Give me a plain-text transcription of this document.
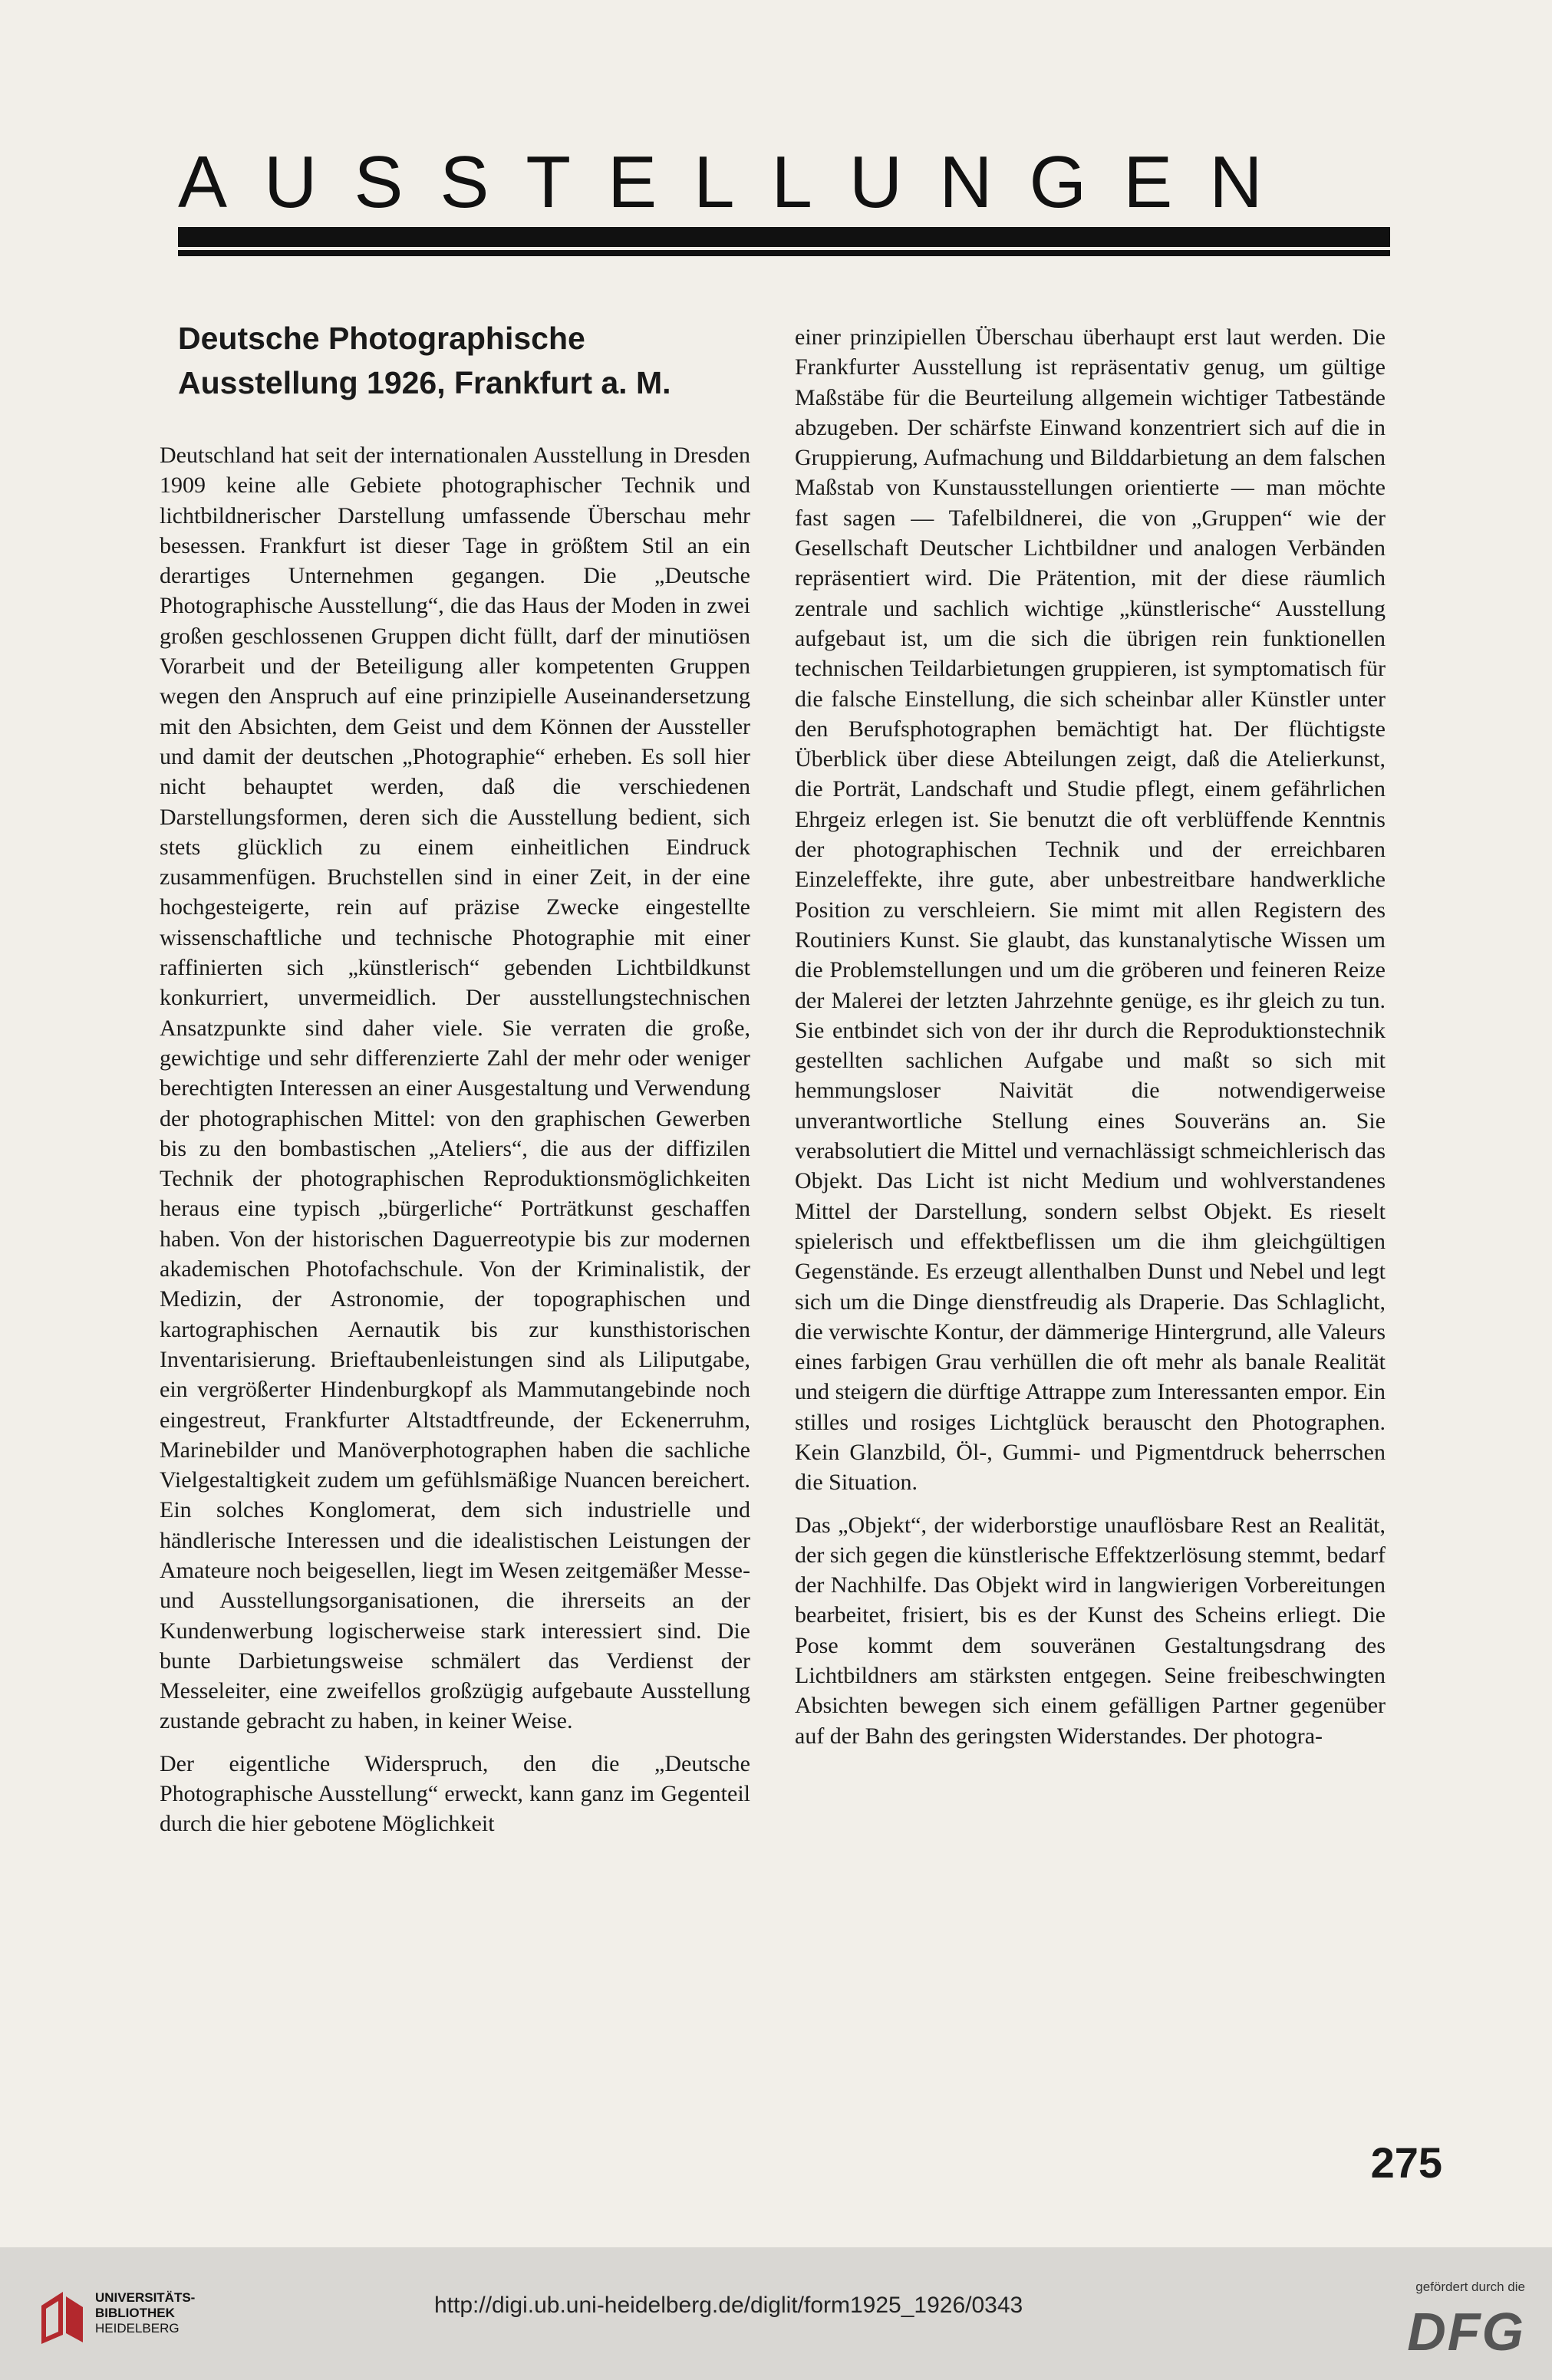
AUSSTELLUNGEN
Deutsche Photographische
Ausstellung 1926, Frankfurt a. M.

Deutschland hat seit der internationalen Ausstellung in Dresden 1909 keine alle Gebiete photographischer Technik und lichtbildnerischer Darstellung umfassende Überschau mehr besessen. Frankfurt ist dieser Tage in größtem Stil an ein derartiges Unternehmen gegangen. Die „Deutsche Photographische Ausstellung“, die das Haus der Moden in zwei großen geschlossenen Gruppen dicht füllt, darf der minutiösen Vorarbeit und der Beteiligung aller kompetenten Gruppen wegen den Anspruch auf eine prinzipielle Auseinandersetzung mit den Absichten, dem Geist und dem Können der Aussteller und damit der deutschen „Photographie“ erheben. Es soll hier nicht behauptet werden, daß die verschiedenen Darstellungsformen, deren sich die Ausstellung bedient, sich stets glücklich zu einem einheitlichen Eindruck zusammenfügen. Bruchstellen sind in einer Zeit, in der eine hochgesteigerte, rein auf präzise Zwecke eingestellte wissenschaftliche und technische Photographie mit einer raffinierten sich „künstlerisch“ gebenden Lichtbildkunst konkurriert, unvermeidlich. Der ausstellungstechnischen Ansatzpunkte sind daher viele. Sie verraten die große, gewichtige und sehr differenzierte Zahl der mehr oder weniger berechtigten Interessen an einer Ausgestaltung und Verwendung der photographischen Mittel: von den graphischen Gewerben bis zu den bombastischen „Ateliers“, die aus der diffizilen Technik der photographischen Reproduktionsmöglichkeiten heraus eine typisch „bürgerliche“ Porträtkunst geschaffen haben. Von der historischen Daguerreotypie bis zur modernen akademischen Photofachschule. Von der Kriminalistik, der Medizin, der Astronomie, der topographischen und kartographischen Aernautik bis zur kunsthistorischen Inventarisierung. Brieftaubenleistungen sind als Liliputgabe, ein vergrößerter Hindenburgkopf als Mammutangebinde noch eingestreut, Frankfurter Altstadtfreunde, der Eckenerruhm, Marinebilder und Manöverphotographen haben die sachliche Vielgestaltigkeit zudem um gefühlsmäßige Nuancen bereichert. Ein solches Konglomerat, dem sich industrielle und händlerische Interessen und die idealistischen Leistungen der Amateure noch beigesellen, liegt im Wesen zeitgemäßer Messe- und Ausstellungsorganisationen, die ihrerseits an der Kundenwerbung logischerweise stark interessiert sind. Die bunte Darbietungsweise schmälert das Verdienst der Messeleiter, eine zweifellos großzügig aufgebaute Ausstellung zustande gebracht zu haben, in keiner Weise.

Der eigentliche Widerspruch, den die „Deutsche Photographische Ausstellung“ erweckt, kann ganz im Gegenteil durch die hier gebotene Möglichkeit

einer prinzipiellen Überschau überhaupt erst laut werden. Die Frankfurter Ausstellung ist repräsentativ genug, um gültige Maßstäbe für die Beurteilung allgemein wichtiger Tatbestände abzugeben. Der schärfste Einwand konzentriert sich auf die in Gruppierung, Aufmachung und Bilddarbietung an dem falschen Maßstab von Kunstausstellungen orientierte — man möchte fast sagen — Tafelbildnerei, die von „Gruppen“ wie der Gesellschaft Deutscher Lichtbildner und analogen Verbänden repräsentiert wird. Die Prätention, mit der diese räumlich zentrale und sachlich wichtige „künstlerische“ Ausstellung aufgebaut ist, um die sich die übrigen rein funktionellen technischen Teildarbietungen gruppieren, ist symptomatisch für die falsche Einstellung, die sich scheinbar aller Künstler unter den Berufsphotographen bemächtigt hat. Der flüchtigste Überblick über diese Abteilungen zeigt, daß die Atelierkunst, die Porträt, Landschaft und Studie pflegt, einem gefährlichen Ehrgeiz erlegen ist. Sie benutzt die oft verblüffende Kenntnis der photographischen Technik und der erreichbaren Einzeleffekte, ihre gute, aber unbestreitbare handwerkliche Position zu verschleiern. Sie mimt mit allen Registern des Routiniers Kunst. Sie glaubt, das kunstanalytische Wissen um die Problemstellungen und um die gröberen und feineren Reize der Malerei der letzten Jahrzehnte genüge, es ihr gleich zu tun. Sie entbindet sich von der ihr durch die Reproduktionstechnik gestellten sachlichen Aufgabe und maßt so sich mit hemmungsloser Naivität die notwendigerweise unverantwortliche Stellung eines Souveräns an. Sie verabsolutiert die Mittel und vernachlässigt schmeichlerisch das Objekt. Das Licht ist nicht Medium und wohlverstandenes Mittel der Darstellung, sondern selbst Objekt. Es rieselt spielerisch und effektbeflissen um die ihm gleichgültigen Gegenstände. Es erzeugt allenthalben Dunst und Nebel und legt sich um die Dinge dienstfreudig als Draperie. Das Schlaglicht, die verwischte Kontur, der dämmerige Hintergrund, alle Valeurs eines farbigen Grau verhüllen die oft mehr als banale Realität und steigern die dürftige Attrappe zum Interessanten empor. Ein stilles und rosiges Lichtglück berauscht den Photographen. Kein Glanzbild, Öl-, Gummi- und Pigmentdruck beherrschen die Situation.

Das „Objekt“, der widerborstige unauflösbare Rest an Realität, der sich gegen die künstlerische Effektzerlösung stemmt, bedarf der Nachhilfe. Das Objekt wird in langwierigen Vorbereitungen bearbeitet, frisiert, bis es der Kunst des Scheins erliegt. Die Pose kommt dem souveränen Gestaltungsdrang des Lichtbildners am stärksten entgegen. Seine freibeschwingten Absichten bewegen sich einem gefälligen Partner gegenüber auf der Bahn des geringsten Widerstandes. Der photogra-

275
UNIVERSITÄTS-
BIBLIOTHEK
HEIDELBERG
http://digi.ub.uni-heidelberg.de/diglit/form1925_1926/0343
gefördert durch die
DFG
